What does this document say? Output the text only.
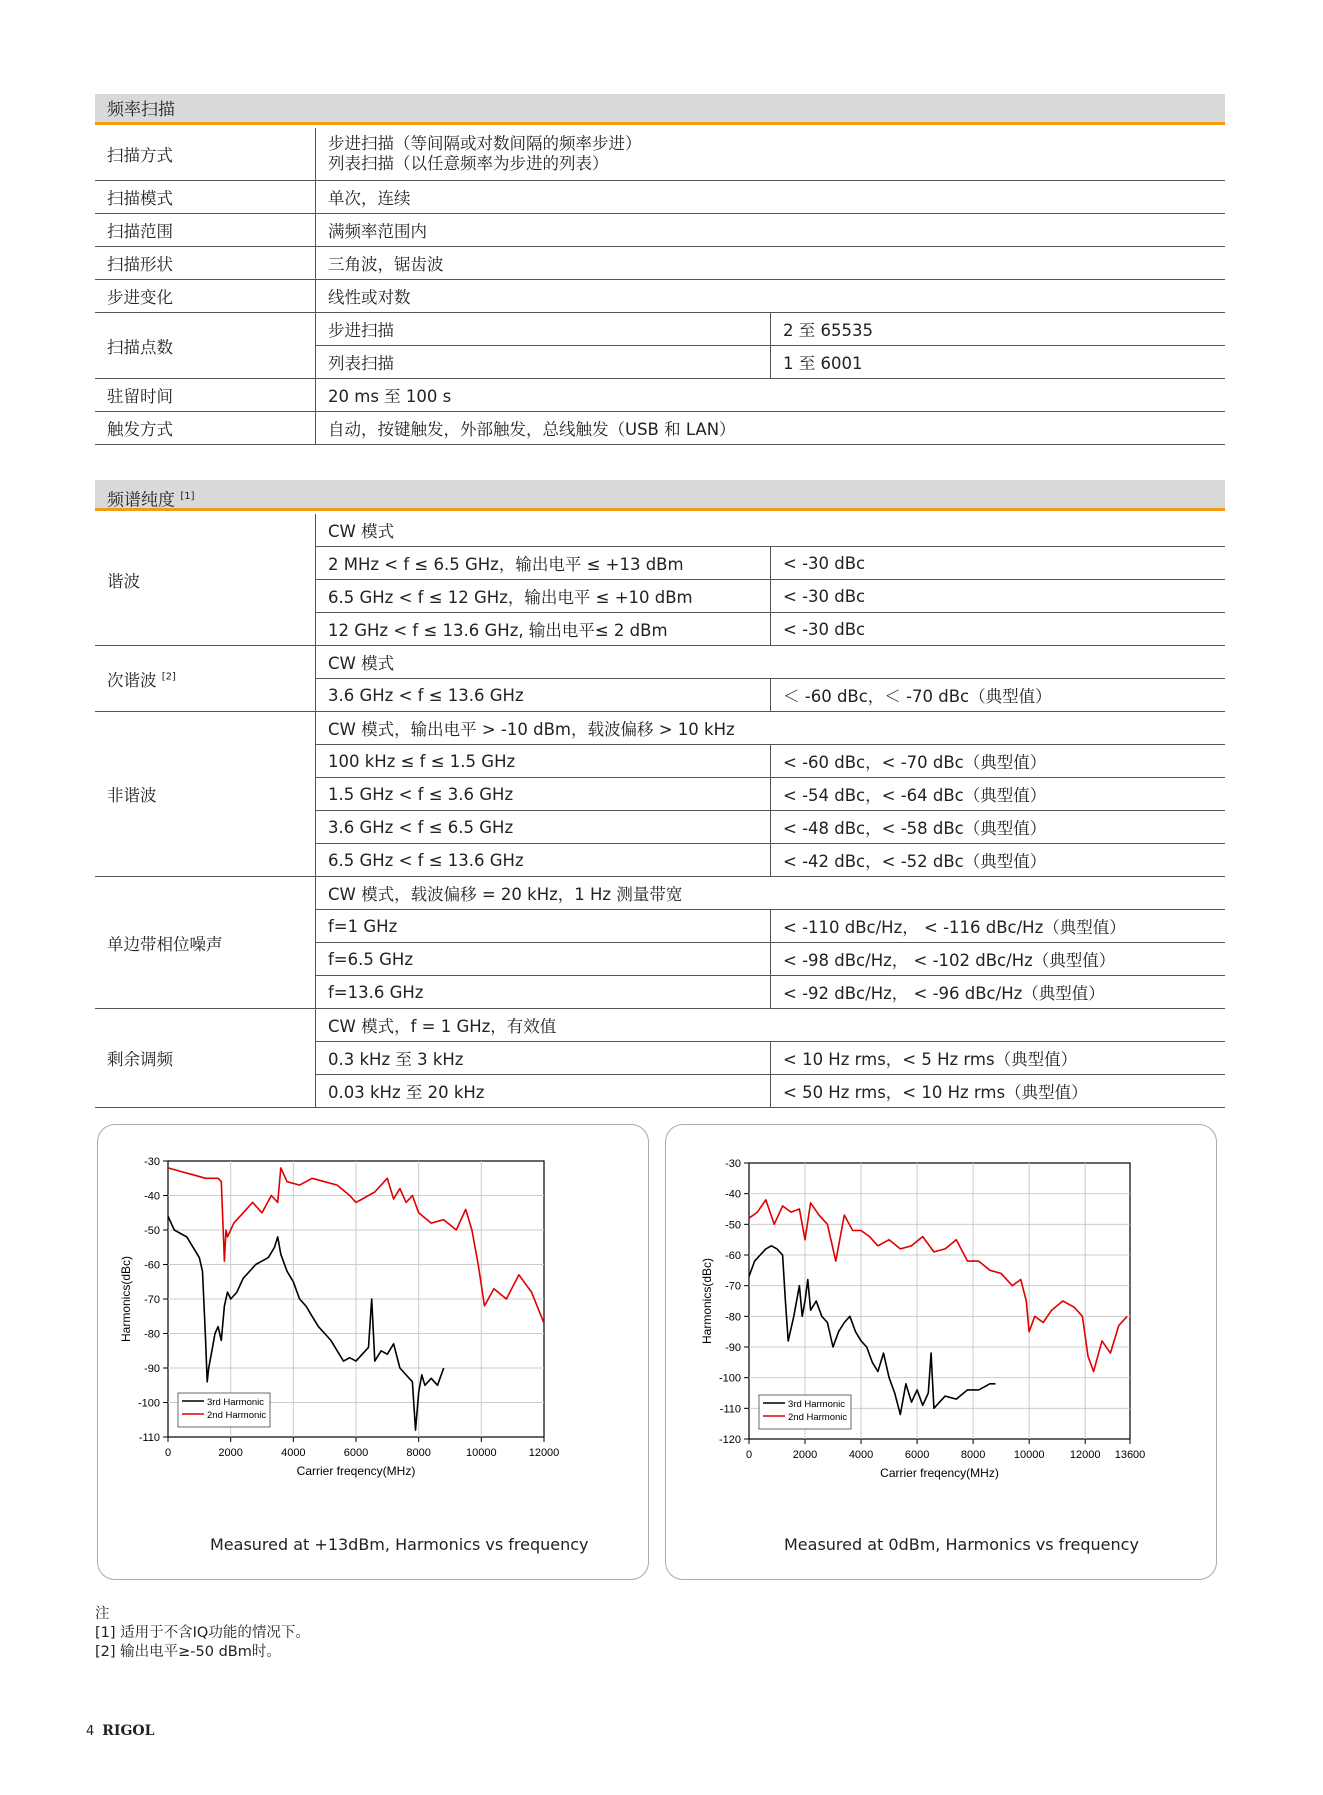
频率扫描
扫描方式	步进扫描（等间隔或对数间隔的频率步进）
列表扫描（以任意频率为步进的列表）	

扫描模式	单次，连续	
扫描范围	满频率范围内	
扫描形状	三角波，锯齿波	
步进变化	线性或对数	
扫描点数	步进扫描	2 至 65535
	列表扫描	1 至 6001
驻留时间	20 ms 至 100 s	
触发方式	自动，按键触发，外部触发，总线触发（USB 和 LAN）	
频谱纯度 [1]
谐波	CW 模式	
	2 MHz < f ≤ 6.5 GHz，输出电平 ≤ +13 dBm	< -30 dBc
	6.5 GHz < f ≤ 12 GHz，输出电平 ≤ +10 dBm	< -30 dBc
	12 GHz < f ≤ 13.6 GHz, 输出电平≤ 2 dBm	< -30 dBc
次谐波 [2]	CW 模式	
	3.6 GHz < f ≤ 13.6 GHz	＜ -60 dBc，＜ -70 dBc（典型值）
非谐波	CW 模式，输出电平 > -10 dBm，载波偏移 > 10 kHz	
	100 kHz ≤ f ≤ 1.5 GHz	< -60 dBc，< -70 dBc（典型值）
	1.5 GHz < f ≤ 3.6 GHz	< -54 dBc，< -64 dBc（典型值）
	3.6 GHz < f ≤ 6.5 GHz	< -48 dBc，< -58 dBc（典型值）
	6.5 GHz < f ≤ 13.6 GHz	< -42 dBc，< -52 dBc（典型值）
单边带相位噪声	CW 模式，载波偏移 = 20 kHz，1 Hz 测量带宽	
	f=1 GHz	< -110 dBc/Hz， < -116 dBc/Hz（典型值）
	f=6.5 GHz	< -98 dBc/Hz， < -102 dBc/Hz（典型值）
	f=13.6 GHz	< -92 dBc/Hz， < -96 dBc/Hz（典型值）
剩余调频	CW 模式，f = 1 GHz，有效值	
	0.3 kHz 至 3 kHz	< 10 Hz rms，< 5 Hz rms（典型值）
	0.03 kHz 至 20 kHz	< 50 Hz rms，< 10 Hz rms（典型值）
0	2000	4000	6000	8000	10000	12000
-30
-40
-50
-60
-70
-80
-90
-100
-110
Carrier freqency(MHz)
Harmonics(dBc)
3rd Harmonic
2nd Harmonic
Measured at +13dBm, Harmonics vs frequency
0	2000	4000	6000	8000	10000 12000 13600
-30
-40
-50
-60
-70
-80
-90
-100
-110
-120
Carrier freqency(MHz)
Harmonics(dBc)
3rd Harmonic
2nd Harmonic
Measured at 0dBm, Harmonics vs frequency
注
[1] 适用于不含IQ功能的情况下。
[2] 输出电平≥-50 dBm时。
4 RIGOL
